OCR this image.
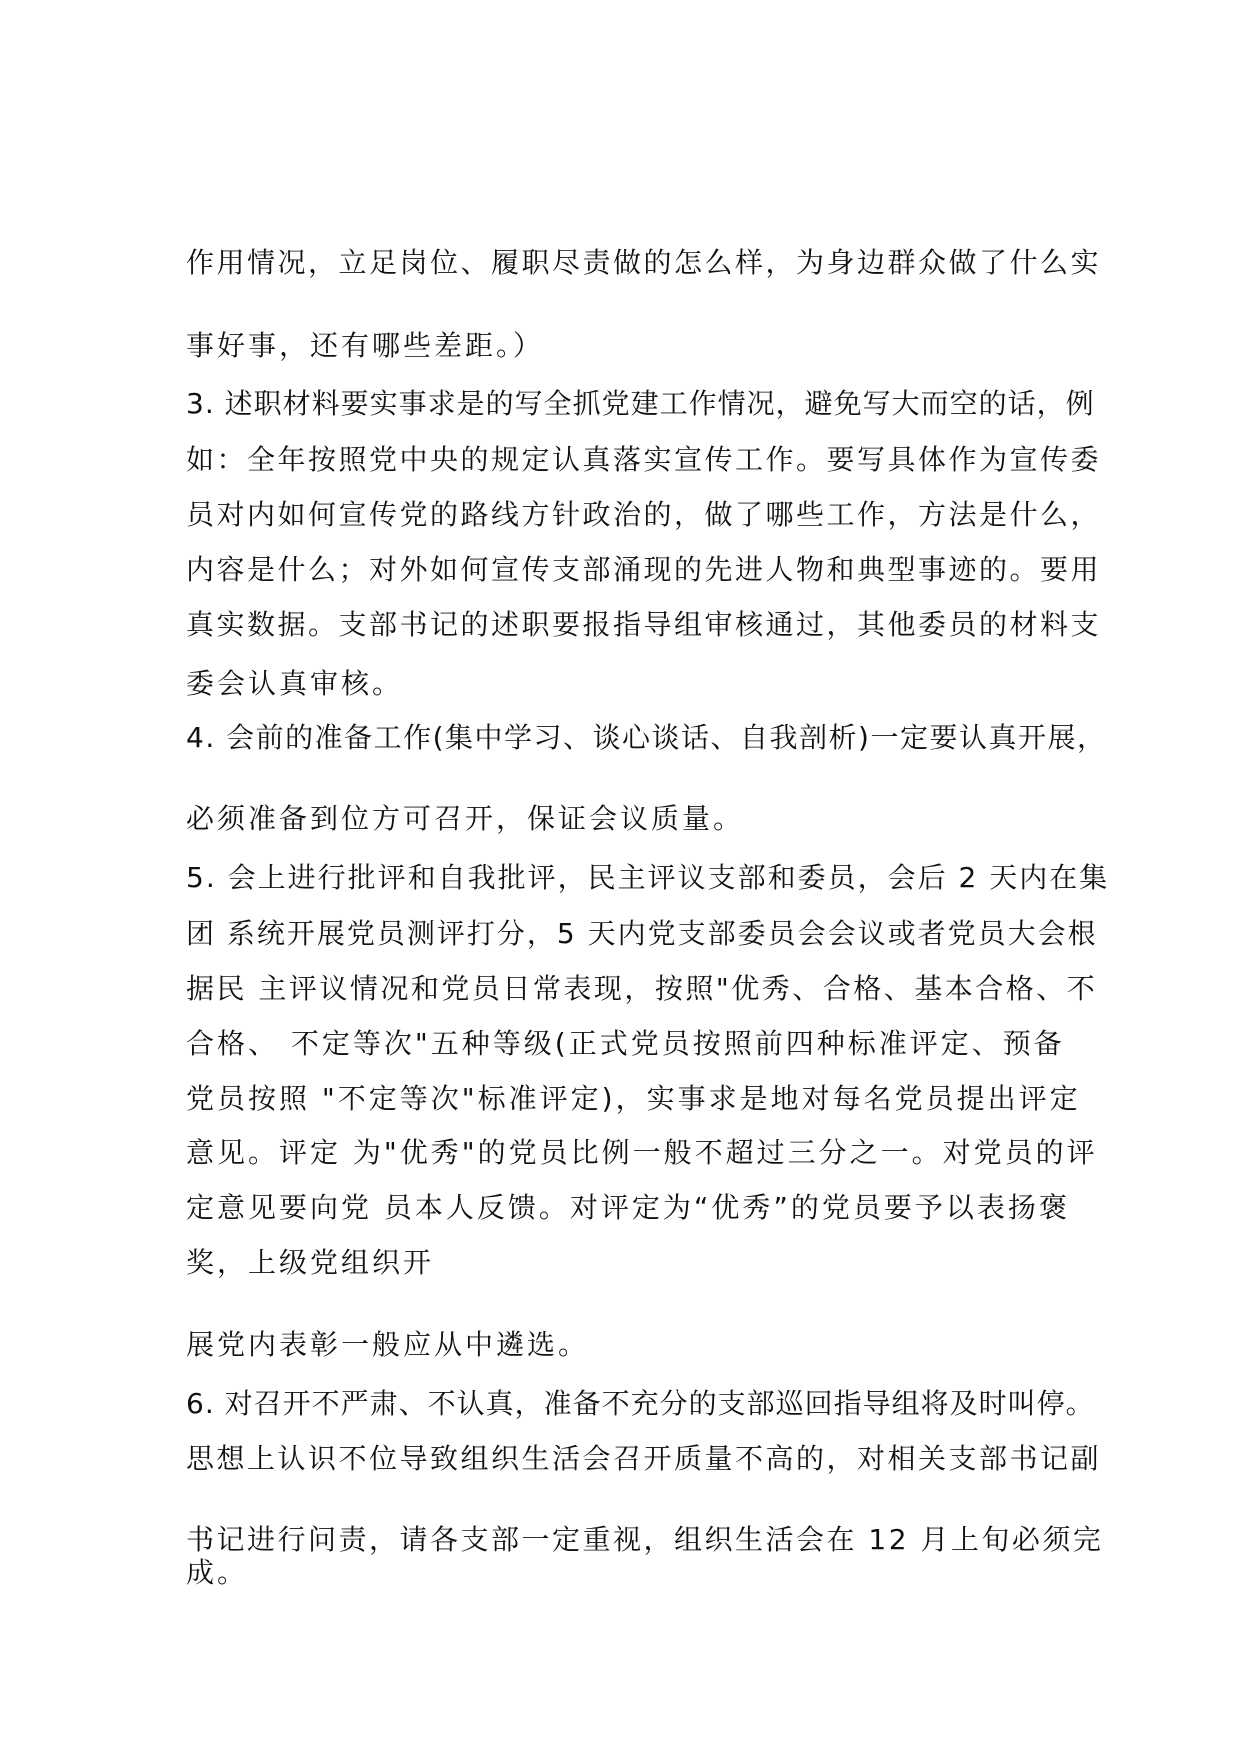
作用情况，立足岗位、履职尽责做的怎么样，为身边群众做了什么实
事好事，还有哪些差距。）
3. 述职材料要实事求是的写全抓党建工作情况，避免写大而空的话，例
如：全年按照党中央的规定认真落实宣传工作。要写具体作为宣传委
员对内如何宣传党的路线方针政治的，做了哪些工作，方法是什么，
内容是什么；对外如何宣传支部涌现的先进人物和典型事迹的。要用
真实数据。支部书记的述职要报指导组审核通过，其他委员的材料支
委会认真审核。
4. 会前的准备工作(集中学习、谈心谈话、自我剖析)一定要认真开展，
必须准备到位方可召开，保证会议质量。
5. 会上进行批评和自我批评，民主评议支部和委员，会后 2 天内在集
团 系统开展党员测评打分，5 天内党支部委员会会议或者党员大会根
据民 主评议情况和党员日常表现，按照"优秀、合格、基本合格、不
合格、 不定等次"五种等级(正式党员按照前四种标准评定、预备
党员按照 "不定等次"标准评定)，实事求是地对每名党员提出评定
意见。评定 为"优秀"的党员比例一般不超过三分之一。对党员的评
定意见要向党 员本人反馈。对评定为“优秀”的党员要予以表扬褒
奖，上级党组织开
展党内表彰一般应从中遴选。
6. 对召开不严肃、不认真，准备不充分的支部巡回指导组将及时叫停。
思想上认识不位导致组织生活会召开质量不高的，对相关支部书记副
书记进行问责，请各支部一定重视，组织生活会在 12 月上旬必须完
成。
